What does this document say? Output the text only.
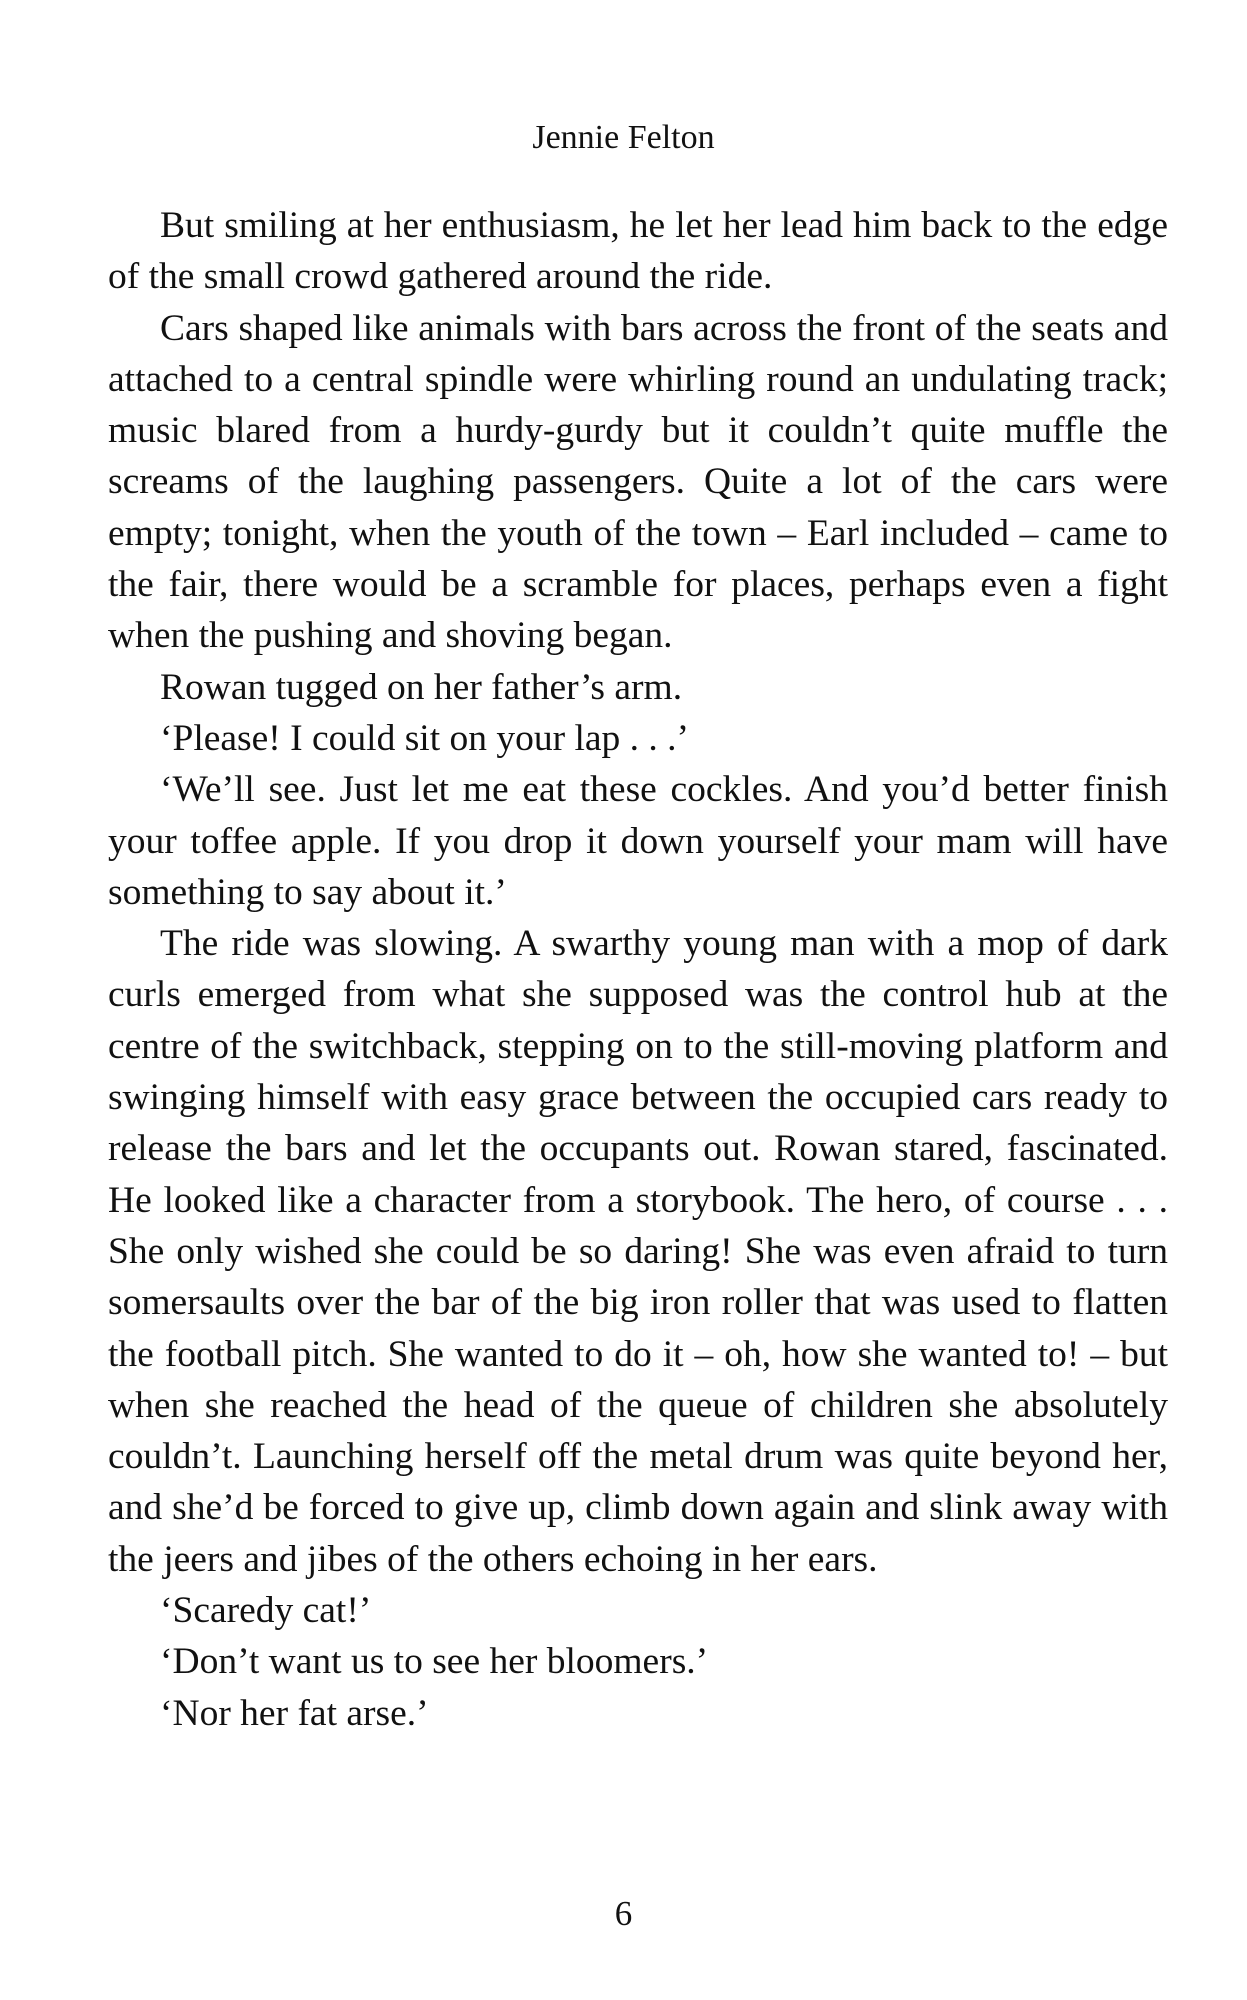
Jennie Felton

But smiling at her enthusiasm, he let her lead him back to the edge of the small crowd gathered around the ride.

Cars shaped like animals with bars across the front of the seats and attached to a central spindle were whirling round an undulating track; music blared from a hurdy-gurdy but it couldn’t quite muffle the screams of the laughing passengers. Quite a lot of the cars were empty; tonight, when the youth of the town – Earl included – came to the fair, there would be a scramble for places, perhaps even a fight when the pushing and shoving began.

Rowan tugged on her father’s arm.

‘Please! I could sit on your lap . . .’

‘We’ll see. Just let me eat these cockles. And you’d better finish your toffee apple. If you drop it down yourself your mam will have something to say about it.’

The ride was slowing. A swarthy young man with a mop of dark curls emerged from what she supposed was the control hub at the centre of the switchback, stepping on to the still-moving platform and swinging himself with easy grace between the occupied cars ready to release the bars and let the occupants out. Rowan stared, fascinated. He looked like a character from a storybook. The hero, of course . . . She only wished she could be so daring! She was even afraid to turn somersaults over the bar of the big iron roller that was used to flatten the football pitch. She wanted to do it – oh, how she wanted to! – but when she reached the head of the queue of children she absolutely couldn’t. Launching herself off the metal drum was quite beyond her, and she’d be forced to give up, climb down again and slink away with the jeers and jibes of the others echoing in her ears.

‘Scaredy cat!’

‘Don’t want us to see her bloomers.’

‘Nor her fat arse.’

6
